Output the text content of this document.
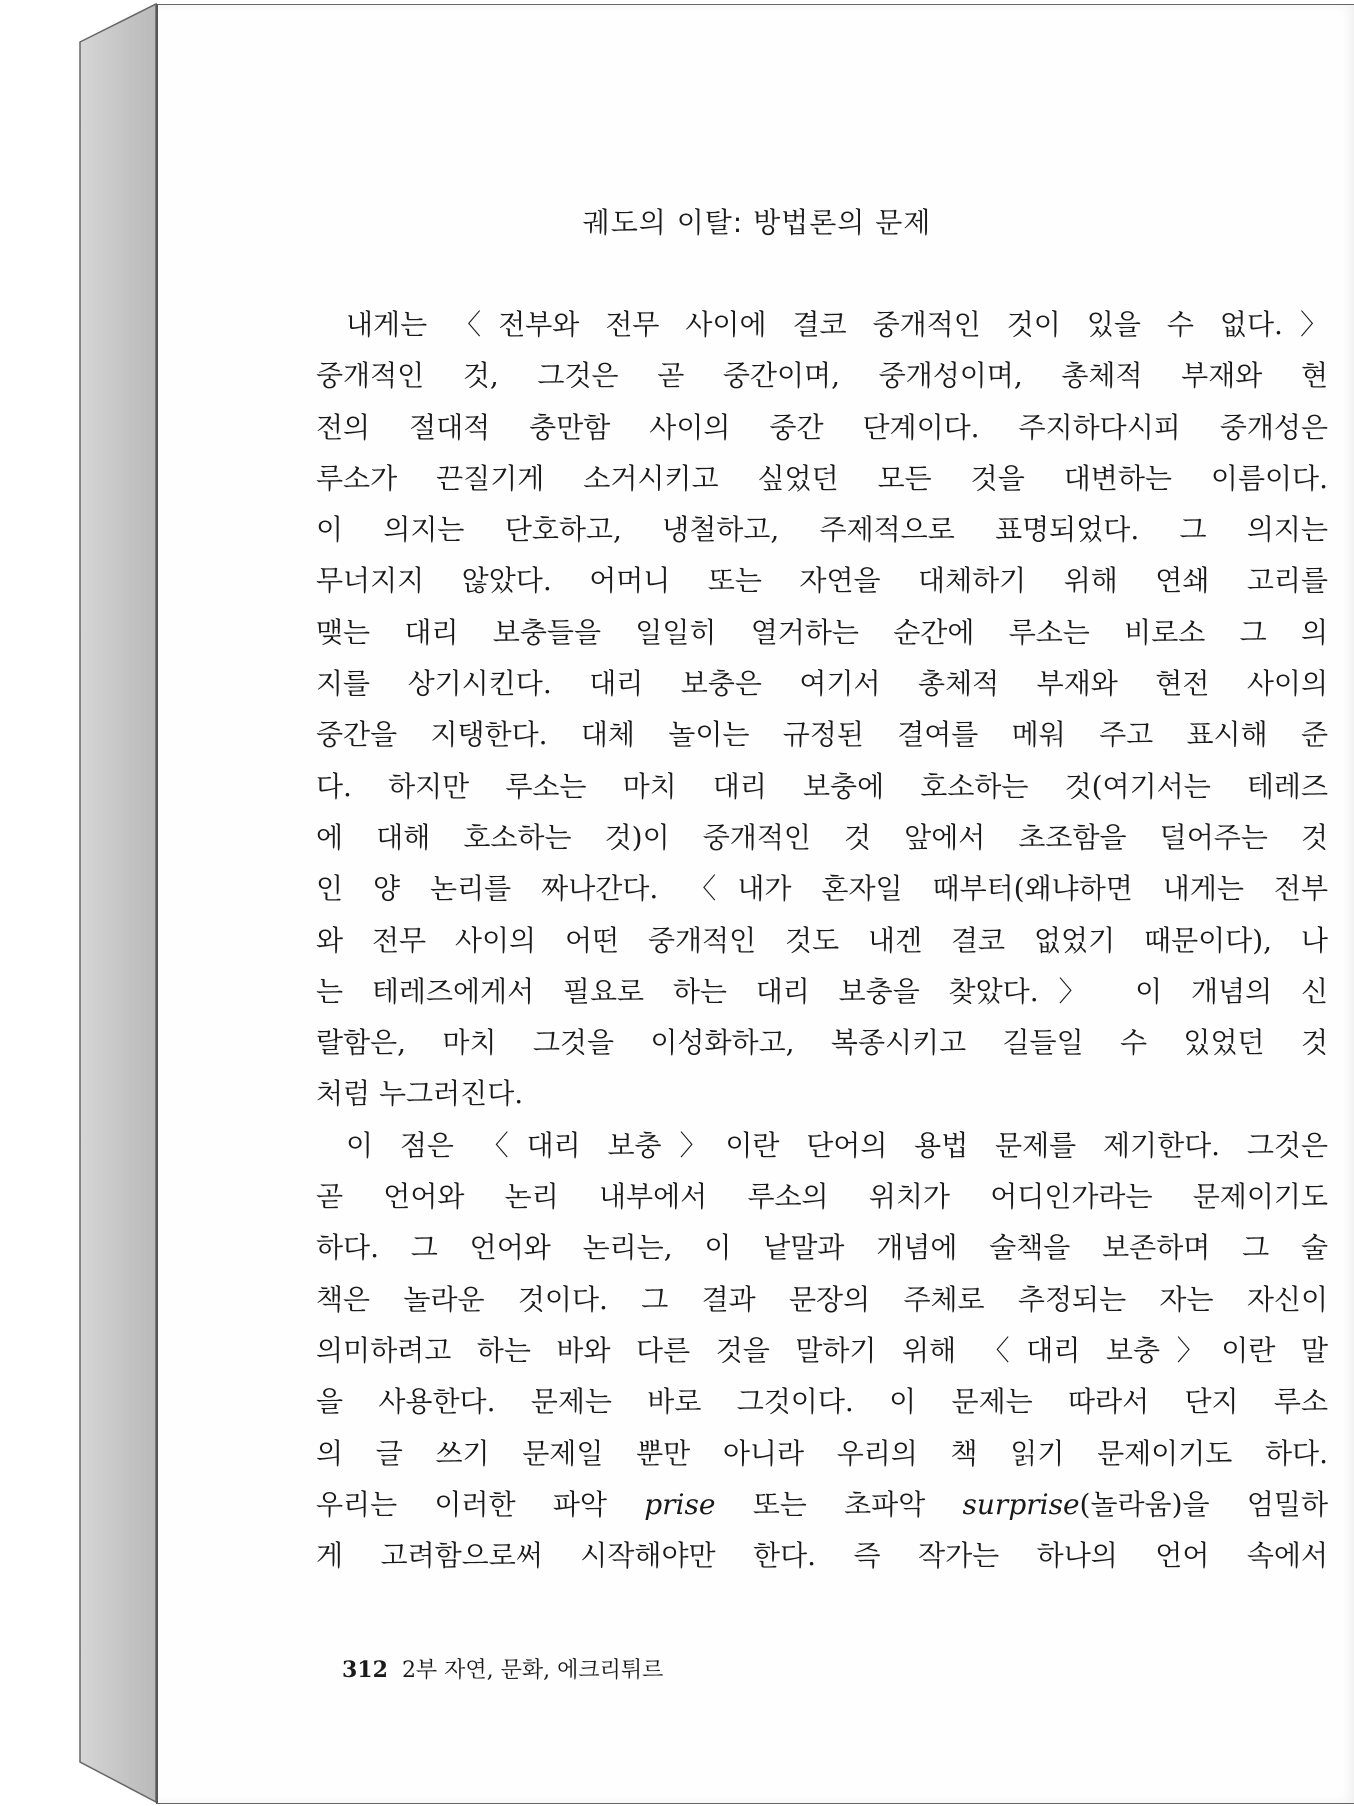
궤도의 이탈: 방법론의 문제
내게는 〈전부와 전무 사이에 결코 중개적인 것이 있을 수 없다.〉
중개적인 것, 그것은 곧 중간이며, 중개성이며, 총체적 부재와 현
전의 절대적 충만함 사이의 중간 단계이다. 주지하다시피 중개성은
루소가 끈질기게 소거시키고 싶었던 모든 것을 대변하는 이름이다.
이 의지는 단호하고, 냉철하고, 주제적으로 표명되었다. 그 의지는
무너지지 않았다. 어머니 또는 자연을 대체하기 위해 연쇄 고리를
맺는 대리 보충들을 일일히 열거하는 순간에 루소는 비로소 그 의
지를 상기시킨다. 대리 보충은 여기서 총체적 부재와 현전 사이의
중간을 지탱한다. 대체 놀이는 규정된 결여를 메워 주고 표시해 준
다. 하지만 루소는 마치 대리 보충에 호소하는 것(여기서는 테레즈
에 대해 호소하는 것)이 중개적인 것 앞에서 초조함을 덜어주는 것
인 양 논리를 짜나간다. 〈내가 혼자일 때부터(왜냐하면 내게는 전부
와 전무 사이의 어떤 중개적인 것도 내겐 결코 없었기 때문이다), 나
는 테레즈에게서 필요로 하는 대리 보충을 찾았다.〉 이 개념의 신
랄함은, 마치 그것을 이성화하고, 복종시키고 길들일 수 있었던 것
처럼 누그러진다.
이 점은 〈대리 보충〉이란 단어의 용법 문제를 제기한다. 그것은
곧 언어와 논리 내부에서 루소의 위치가 어디인가라는 문제이기도
하다. 그 언어와 논리는, 이 낱말과 개념에 술책을 보존하며 그 술
책은 놀라운 것이다. 그 결과 문장의 주체로 추정되는 자는 자신이
의미하려고 하는 바와 다른 것을 말하기 위해 〈대리 보충〉이란 말
을 사용한다. 문제는 바로 그것이다. 이 문제는 따라서 단지 루소
의 글 쓰기 문제일 뿐만 아니라 우리의 책 읽기 문제이기도 하다.
우리는 이러한 파악 prise 또는 초파악 surprise(놀라움)을 엄밀하
게 고려함으로써 시작해야만 한다. 즉 작가는 하나의 언어 속에서
312 2부 자연, 문화, 에크리튀르
